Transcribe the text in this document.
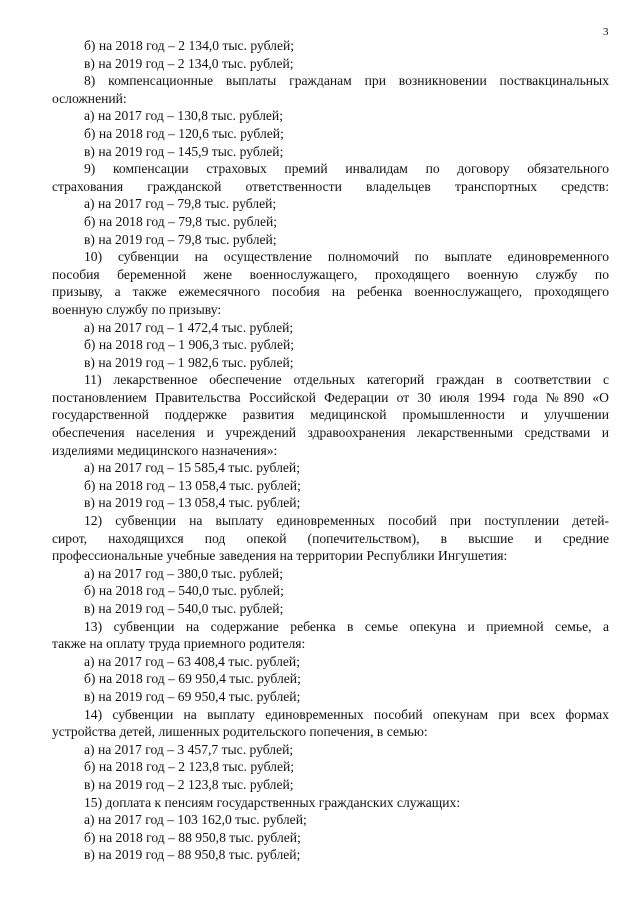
3
б) на 2018 год – 2 134,0 тыс. рублей;
в) на 2019 год – 2 134,0 тыс. рублей;
8) компенсационные выплаты гражданам при возникновении поствакцинальных
осложнений:
а) на 2017 год – 130,8 тыс. рублей;
б) на 2018 год – 120,6 тыс. рублей;
в) на 2019 год – 145,9 тыс. рублей;
9) компенсации страховых премий инвалидам по договору обязательного
страхования гражданской ответственности владельцев транспортных средств:
а) на 2017 год – 79,8 тыс. рублей;
б) на 2018 год – 79,8 тыс. рублей;
в) на 2019 год – 79,8 тыс. рублей;
10) субвенции на осуществление полномочий по выплате единовременного
пособия беременной жене военнослужащего, проходящего военную службу по
призыву, а также ежемесячного пособия на ребенка военнослужащего, проходящего
военную службу по призыву:
а) на 2017 год – 1 472,4 тыс. рублей;
б) на 2018 год – 1 906,3 тыс. рублей;
в) на 2019 год – 1 982,6 тыс. рублей;
11) лекарственное обеспечение отдельных категорий граждан в соответствии с
постановлением Правительства Российской Федерации от 30 июля 1994 года №890 «О
государственной поддержке развития медицинской промышленности и улучшении
обеспечения населения и учреждений здравоохранения лекарственными средствами и
изделиями медицинского назначения»:
а) на 2017 год – 15 585,4 тыс. рублей;
б) на 2018 год – 13 058,4 тыс. рублей;
в) на 2019 год – 13 058,4 тыс. рублей;
12) субвенции на выплату единовременных пособий при поступлении детей-
сирот, находящихся под опекой (попечительством), в высшие и средние
профессиональные учебные заведения на территории Республики Ингушетия:
а) на 2017 год – 380,0 тыс. рублей;
б) на 2018 год – 540,0 тыс. рублей;
в) на 2019 год – 540,0 тыс. рублей;
13) субвенции на содержание ребенка в семье опекуна и приемной семье, а
также на оплату труда приемного родителя:
а) на 2017 год – 63 408,4 тыс. рублей;
б) на 2018 год – 69 950,4 тыс. рублей;
в) на 2019 год – 69 950,4 тыс. рублей;
14) субвенции на выплату единовременных пособий опекунам при всех формах
устройства детей, лишенных родительского попечения, в семью:
а) на 2017 год – 3 457,7 тыс. рублей;
б) на 2018 год – 2 123,8 тыс. рублей;
в) на 2019 год – 2 123,8 тыс. рублей;
15) доплата к пенсиям государственных гражданских служащих:
а) на 2017 год – 103 162,0 тыс. рублей;
б) на 2018 год – 88 950,8 тыс. рублей;
в) на 2019 год – 88 950,8 тыс. рублей;
